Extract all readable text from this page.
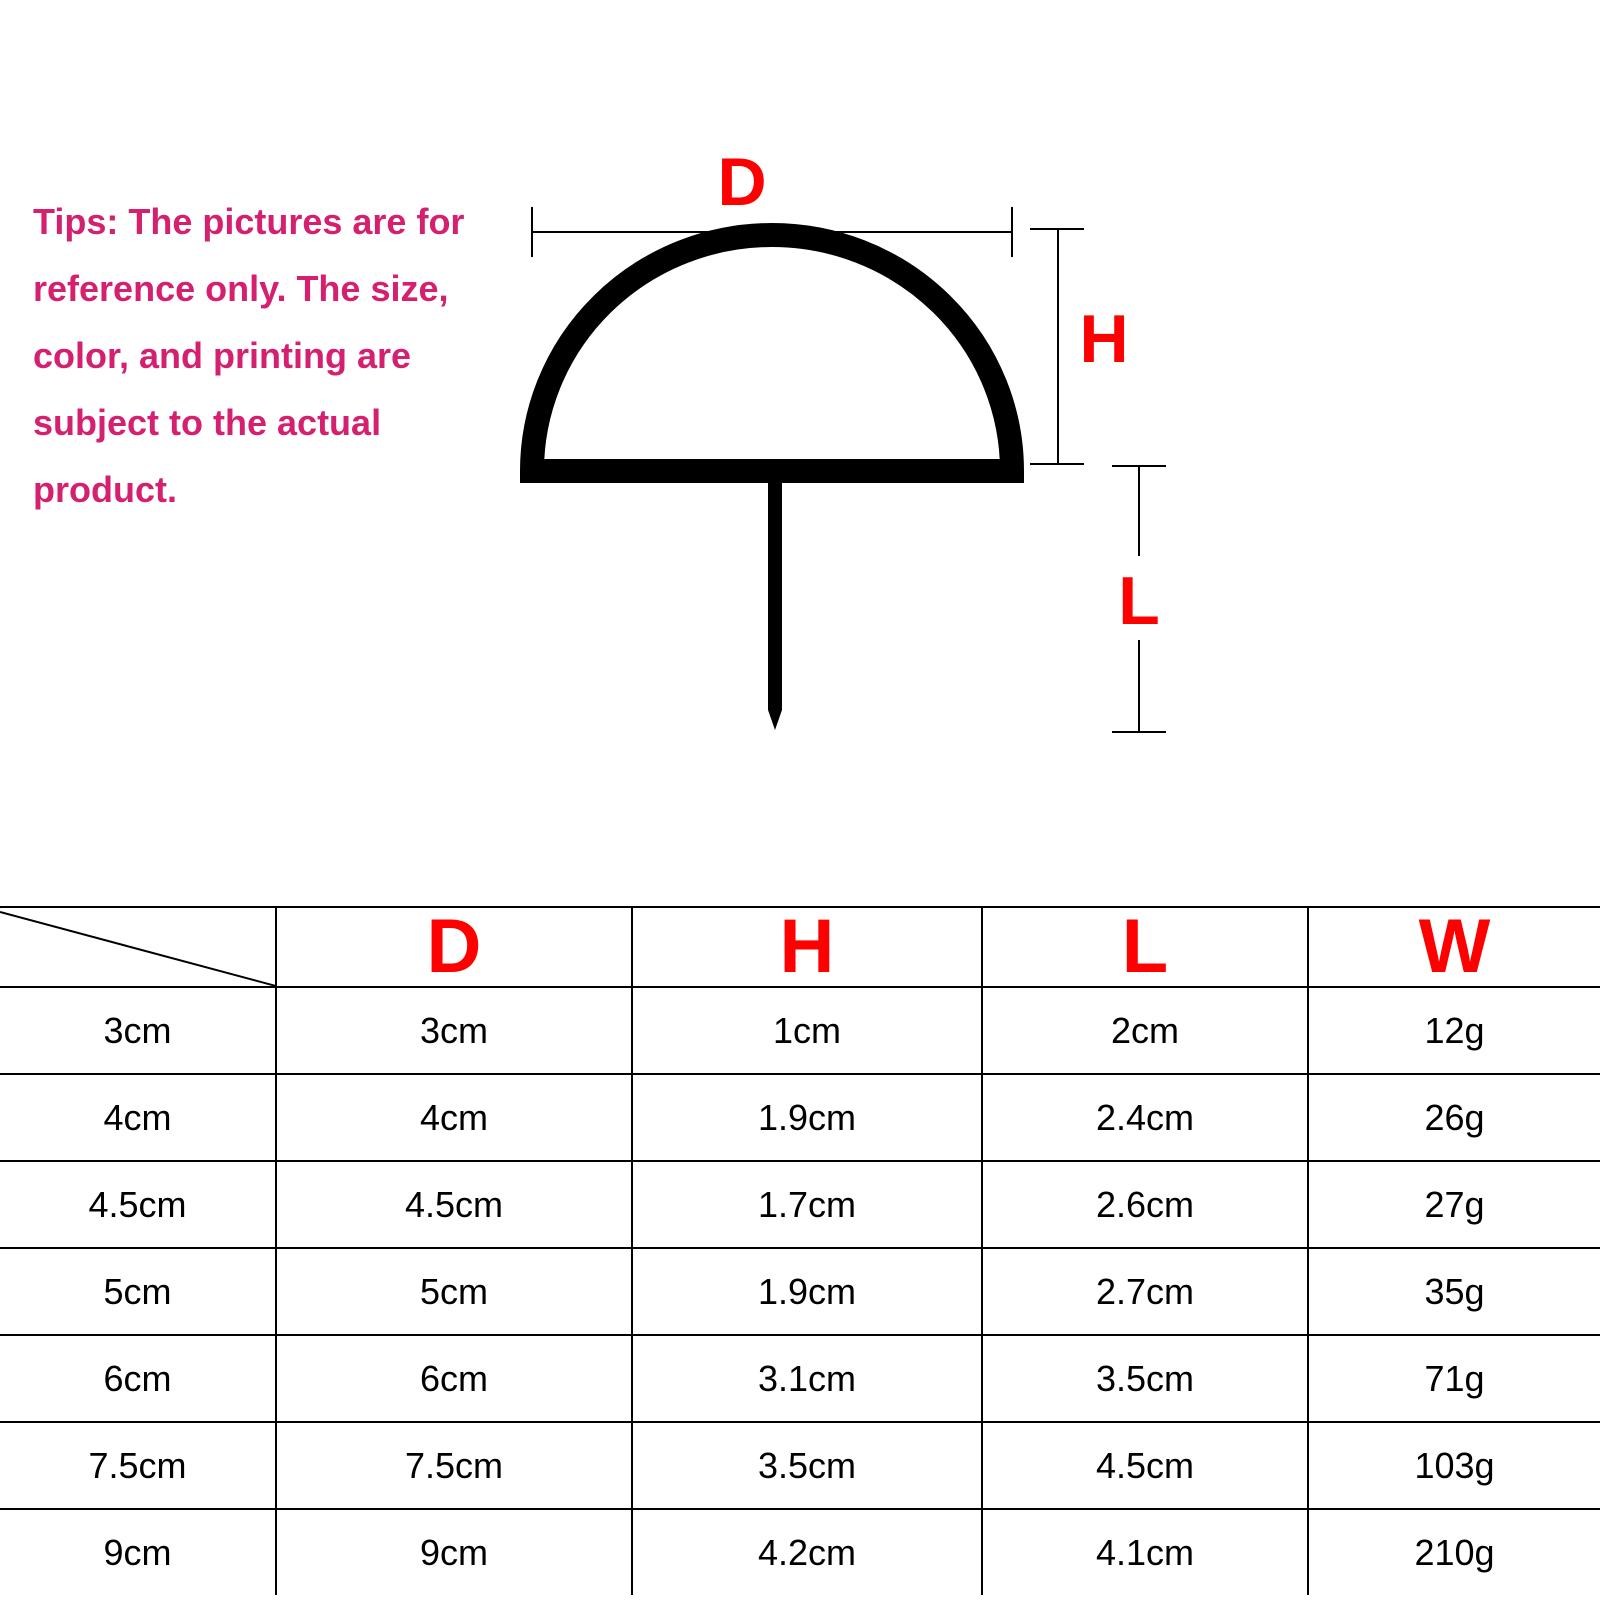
Tips: The pictures are for reference only. The size, color, and printing are subject to the actual product.

D
H
L
	D	H	L	W
3cm	3cm	1cm	2cm	12g
4cm	4cm	1.9cm	2.4cm	26g
4.5cm	4.5cm	1.7cm	2.6cm	27g
5cm	5cm	1.9cm	2.7cm	35g
6cm	6cm	3.1cm	3.5cm	71g
7.5cm	7.5cm	3.5cm	4.5cm	103g
9cm	9cm	4.2cm	4.1cm	210g
